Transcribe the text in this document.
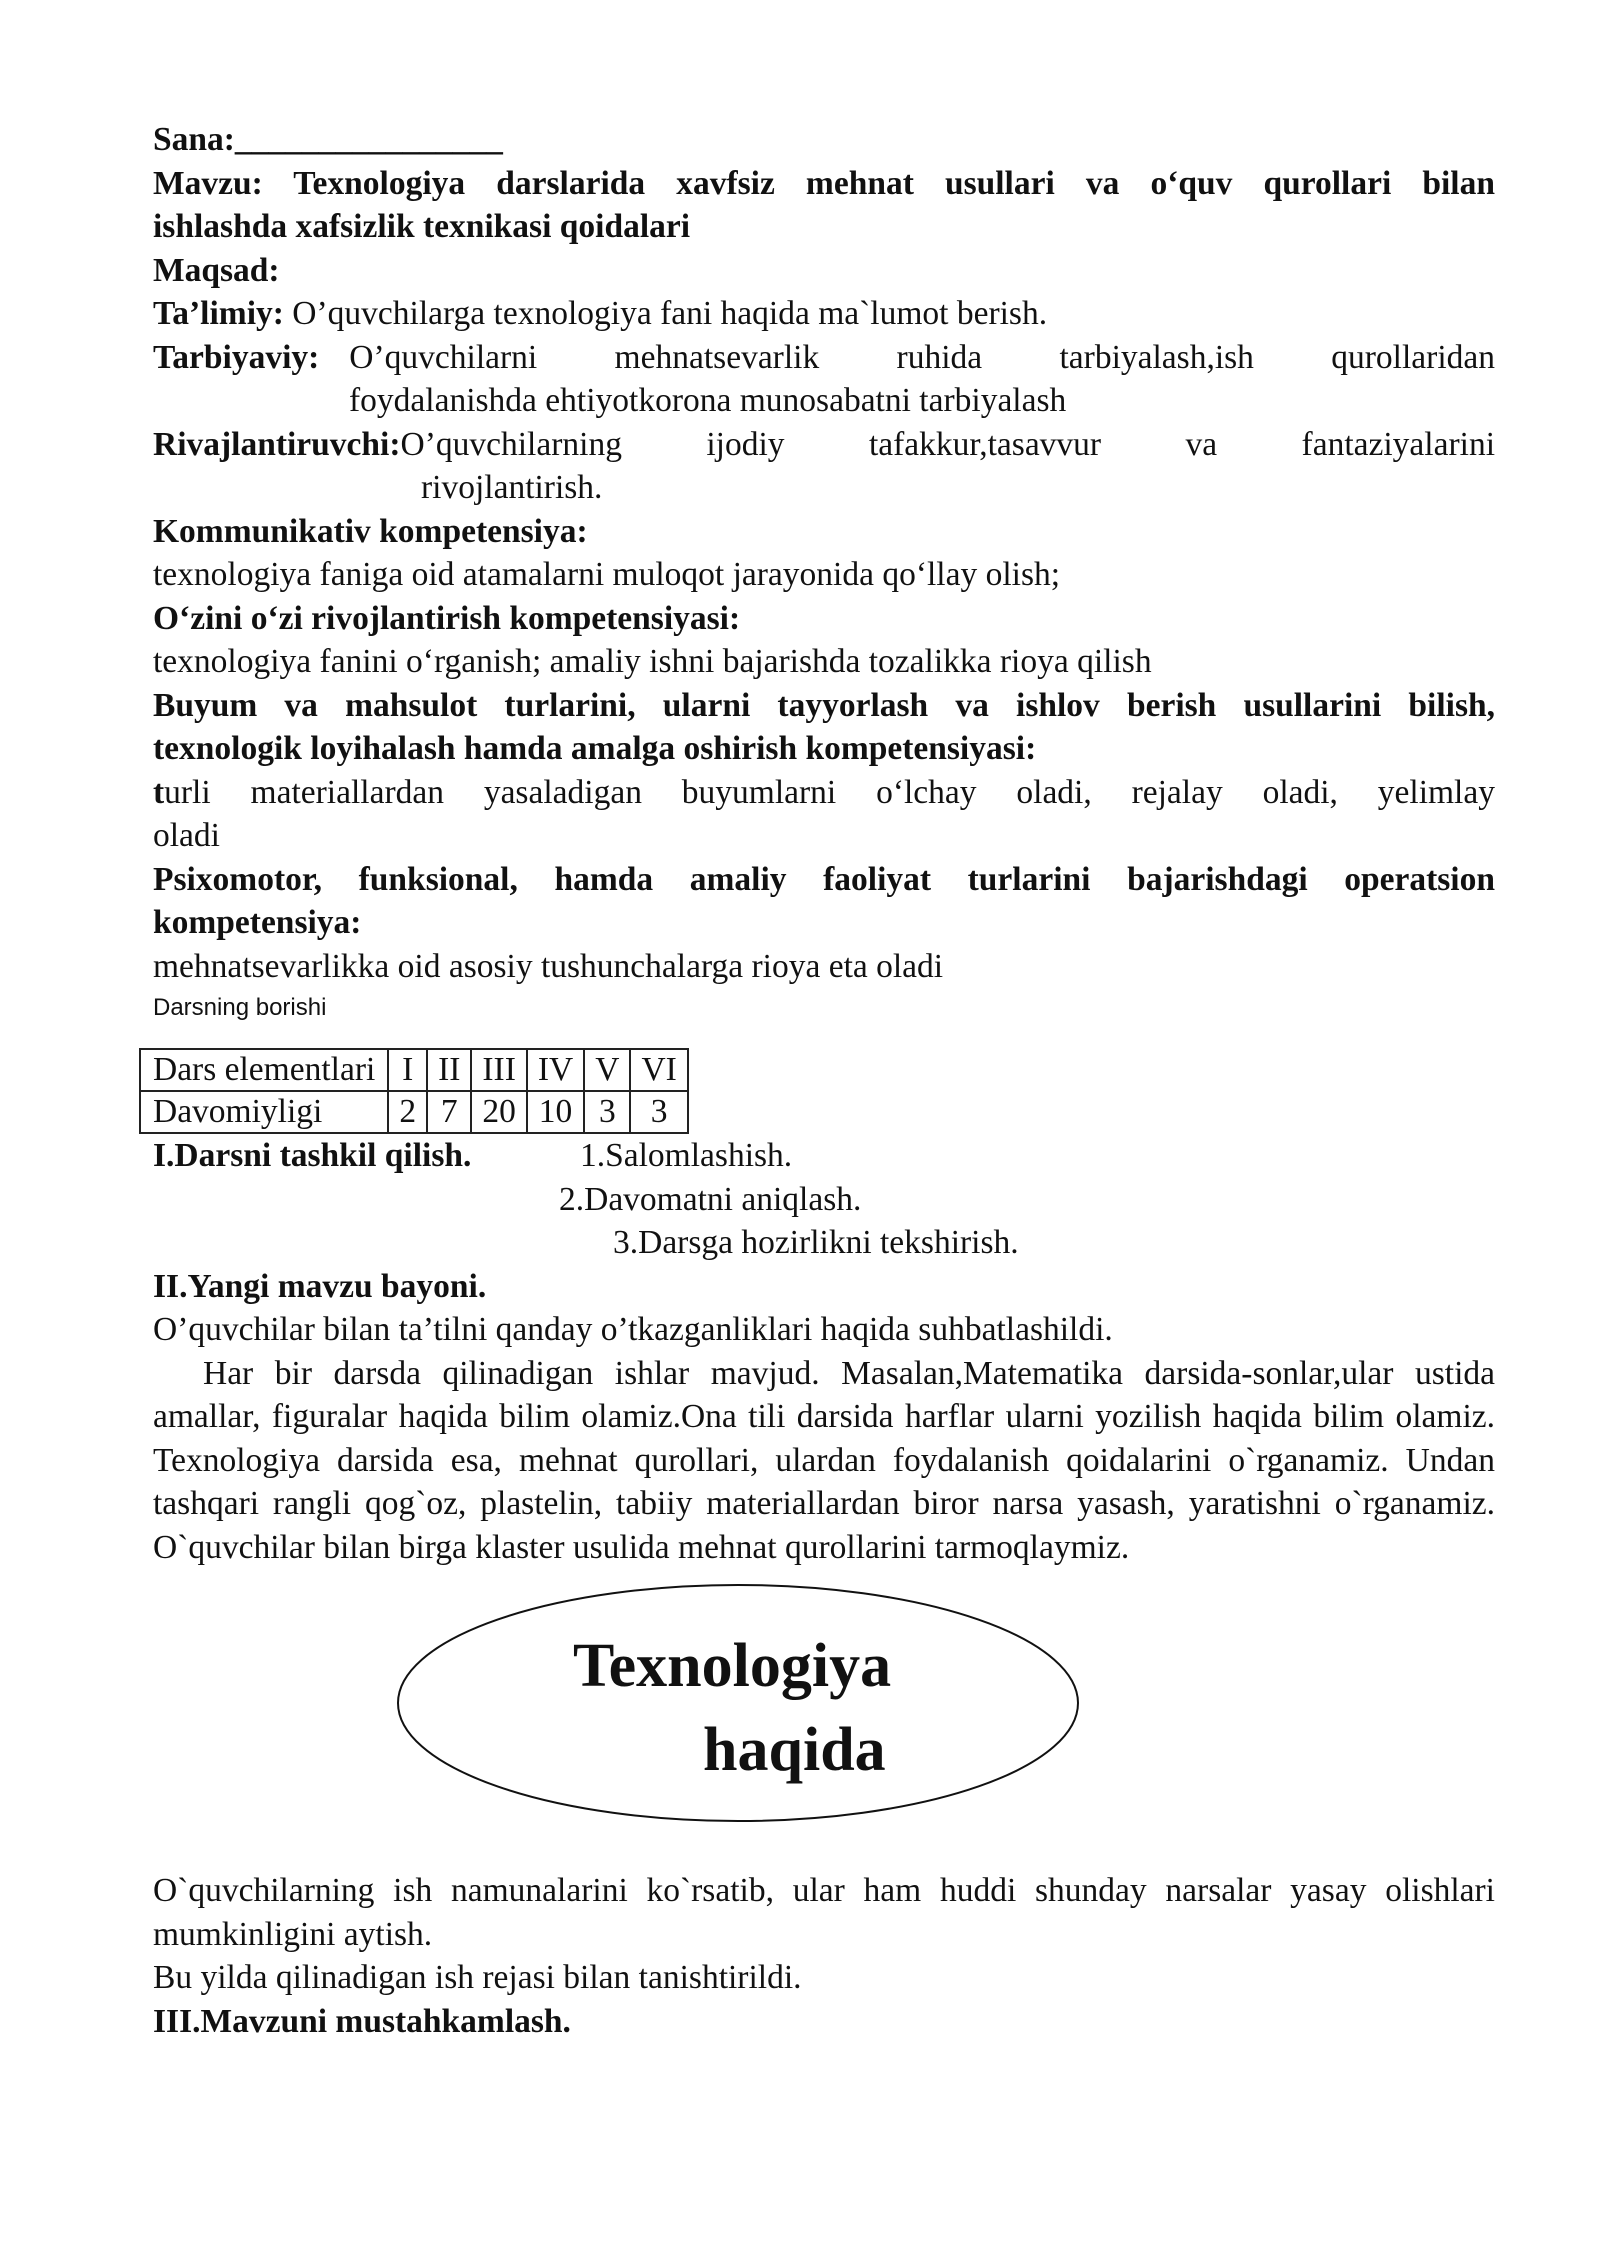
Sana:________________

Mavzu: Texnologiya darslarida xavfsiz mehnat usullari va o‘quv qurollari bilan

ishlashda xafsizlik texnikasi qoidalari

Maqsad:

Ta’limiy: O’quvchilarga texnologiya fani haqida ma`lumot berish.

Tarbiyaviy: O’quvchilarni mehnatsevarlik ruhida tarbiyalash,ish qurollaridan

foydalanishda ehtiyotkorona munosabatni tarbiyalash

Rivajlantiruvchi: O’quvchilarning ijodiy tafakkur,tasavvur va fantaziyalarini

rivojlantirish.

Kommunikativ kompetensiya:

texnologiya faniga oid atamalarni muloqot jarayonida qo‘llay olish;

O‘zini o‘zi rivojlantirish kompetensiyasi:

texnologiya fanini o‘rganish; amaliy ishni bajarishda tozalikka rioya qilish

Buyum va mahsulot turlarini, ularni tayyorlash va ishlov berish usullarini bilish,

texnologik loyihalash hamda amalga oshirish kompetensiyasi:

turli materiallardan yasaladigan buyumlarni o‘lchay oladi, rejalay oladi, yelimlay

oladi

Psixomotor, funksional, hamda amaliy faoliyat turlarini bajarishdagi operatsion

kompetensiya:

mehnatsevarlikka oid asosiy tushunchalarga rioya eta oladi

Darsning borishi

Dars elementlari	I	II	III	IV	V	VI
Davomiyligi	2	7	20	10	3	3
I.Darsni tashkil qilish.	1.Salomlashish.

2.Davomatni aniqlash.

3.Darsga hozirlikni tekshirish.

II.Yangi mavzu bayoni.

O’quvchilar bilan ta’tilni qanday o’tkazganliklari haqida suhbatlashildi.

Har bir darsda qilinadigan ishlar mavjud. Masalan,Matematika darsida-sonlar,ular ustida amallar, figuralar haqida bilim olamiz.Ona tili darsida harflar ularni yozilish haqida bilim olamiz. Texnologiya darsida esa, mehnat qurollari, ulardan foydalanish qoidalarini o`rganamiz. Undan tashqari rangli qog`oz, plastelin, tabiiy materiallardan biror narsa yasash, yaratishni o`rganamiz. O`quvchilar bilan birga klaster usulida mehnat qurollarini tarmoqlaymiz.

Texnologiya
haqida

O`quvchilarning ish namunalarini ko`rsatib, ular ham huddi shunday narsalar yasay olishlari mumkinligini aytish.

Bu yilda qilinadigan ish rejasi bilan tanishtirildi.

III.Mavzuni mustahkamlash.
